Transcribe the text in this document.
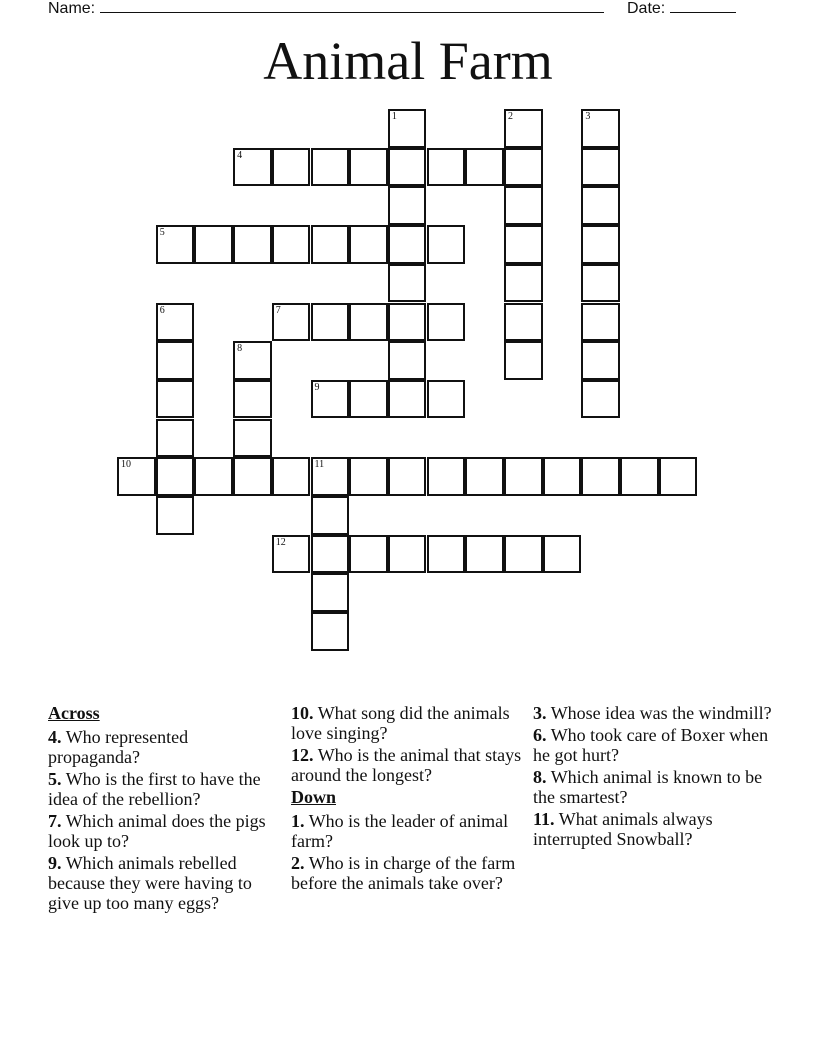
Name:	Date:
Animal Farm
1	2	3
4
5
6	7
8
9
10	11
12
Across
4. Who represented propaganda?
5. Who is the first to have the idea of the rebellion?
7. Which animal does the pigs look up to?
9. Which animals rebelled because they were having to give up too many eggs?
10. What song did the animals love singing?
12. Who is the animal that stays around the longest?
Down
1. Who is the leader of animal farm?
2. Who is in charge of the farm before the animals take over?
3. Whose idea was the windmill?
6. Who took care of Boxer when he got hurt?
8. Which animal is known to be the smartest?
11. What animals always interrupted Snowball?
